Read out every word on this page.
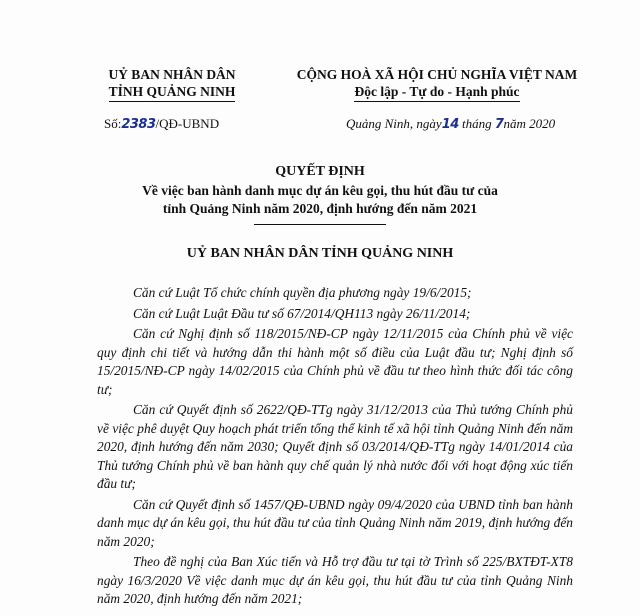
UỶ BAN NHÂN DÂN
TỈNH QUẢNG NINH
CỘNG HOÀ XÃ HỘI CHỦ NGHĨA VIỆT NAM
Độc lập - Tự do - Hạnh phúc
Số:2383/QĐ-UBND	Quảng Ninh, ngày14 tháng 7năm 2020
QUYẾT ĐỊNH
Về việc ban hành danh mục dự án kêu gọi, thu hút đầu tư của
tỉnh Quảng Ninh năm 2020, định hướng đến năm 2021
UỶ BAN NHÂN DÂN TỈNH QUẢNG NINH

Căn cứ Luật Tổ chức chính quyền địa phương ngày 19/6/2015;

Căn cứ Luật Luật Đầu tư số 67/2014/QH113 ngày 26/11/2014;

Căn cứ Nghị định số 118/2015/NĐ-CP ngày 12/11/2015 của Chính phủ về việc quy định chi tiết và hướng dẫn thi hành một số điều của Luật đầu tư; Nghị định số 15/2015/NĐ-CP ngày 14/02/2015 của Chính phủ về đầu tư theo hình thức đối tác công tư;

Căn cứ Quyết định số 2622/QĐ-TTg ngày 31/12/2013 của Thủ tướng Chính phủ về việc phê duyệt Quy hoạch phát triển tổng thể kinh tế xã hội tỉnh Quảng Ninh đến năm 2020, định hướng đến năm 2030; Quyết định số 03/2014/QĐ-TTg ngày 14/01/2014 của Thủ tướng Chính phủ về ban hành quy chế quản lý nhà nước đối với hoạt động xúc tiến đầu tư;

Căn cứ Quyết định số 1457/QĐ-UBND ngày 09/4/2020 của UBND tỉnh ban hành danh mục dự án kêu gọi, thu hút đầu tư của tỉnh Quảng Ninh năm 2019, định hướng đến năm 2020;

Theo đề nghị của Ban Xúc tiến và Hỗ trợ đầu tư tại tờ Trình số 225/BXTĐT-XT8 ngày 16/3/2020 Về việc danh mục dự án kêu gọi, thu hút đầu tư của tỉnh Quảng Ninh năm 2020, định hướng đến năm 2021;
